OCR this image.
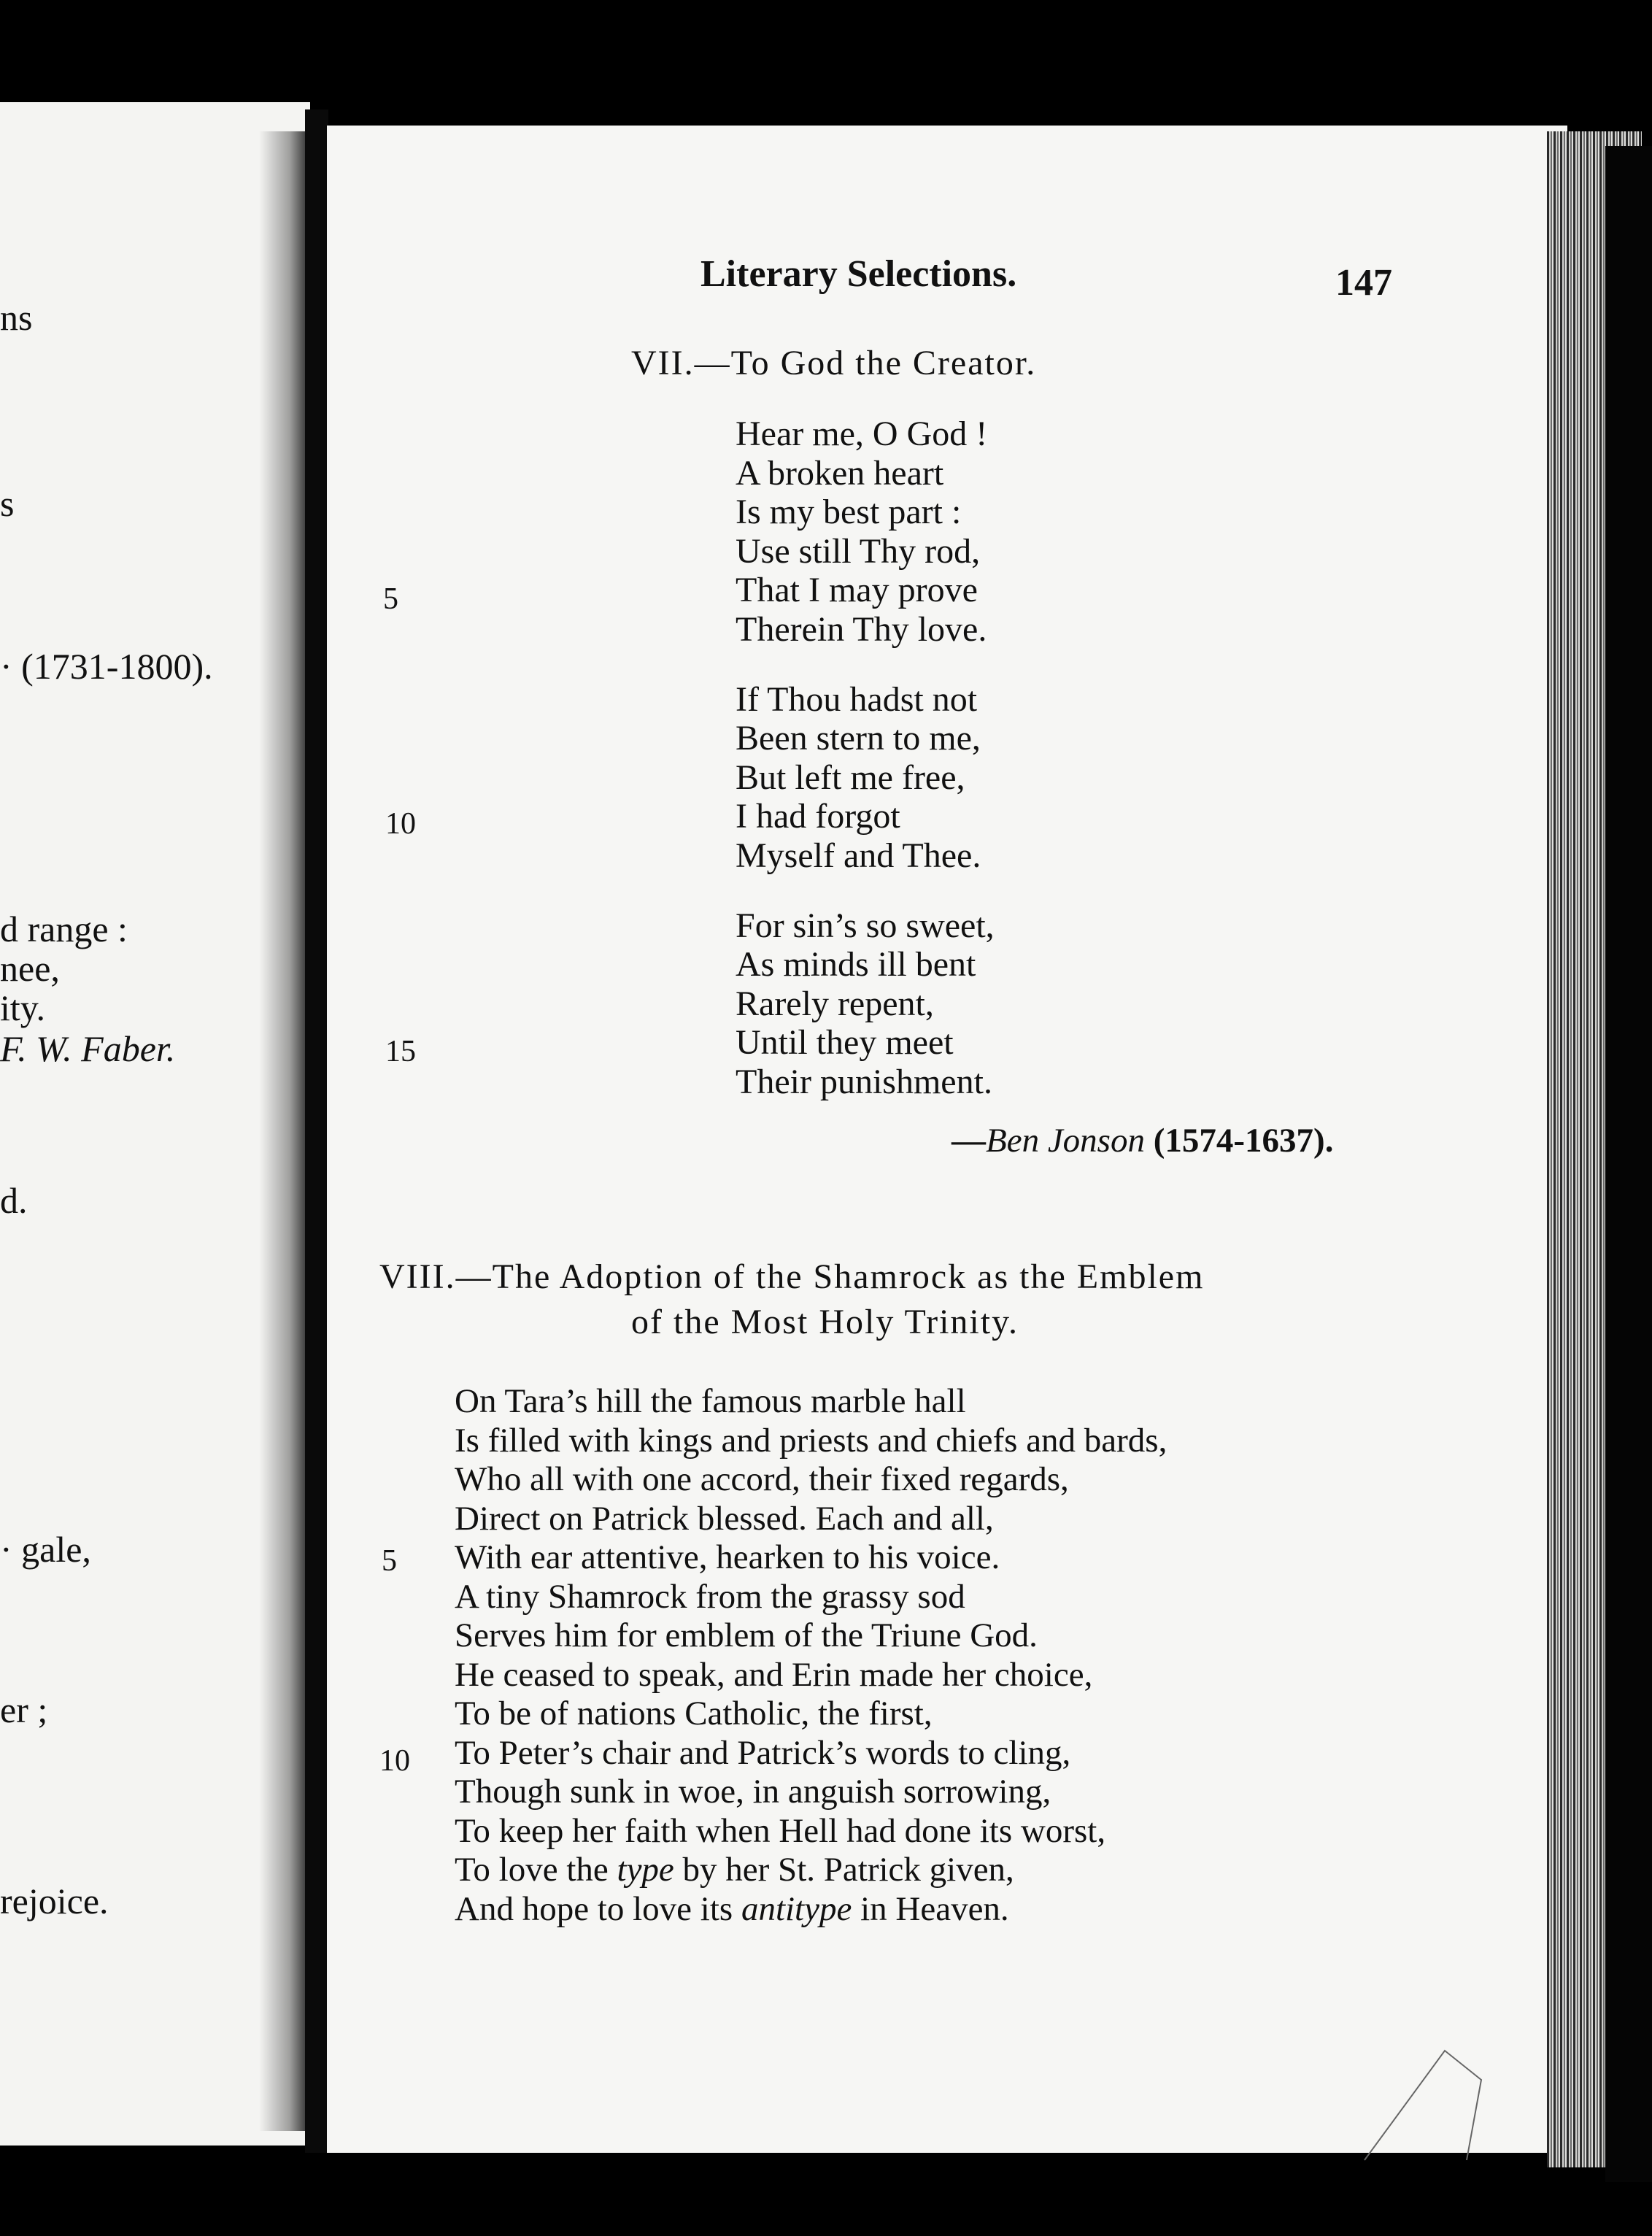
ns
s
· (1731-1800).
d range :
nee,
ity.
F. W. Faber.
d.
· gale,
er ;
rejoice.
Literary Selections.	147
VII.—To God the Creator.
Hear me, O God !
A broken heart
Is my best part :
Use still Thy rod,
That I may prove
Therein Thy love.
If Thou hadst not
Been stern to me,
But left me free,
I had forgot
Myself and Thee.
For sin’s so sweet,
As minds ill bent
Rarely repent,
Until they meet
Their punishment.
5
10
15
—Ben Jonson (1574-1637).
VIII.—The Adoption of the Shamrock as the Emblem
of the Most Holy Trinity.
On Tara’s hill the famous marble hall
Is filled with kings and priests and chiefs and bards,
Who all with one accord, their fixed regards,
Direct on Patrick blessed. Each and all,
With ear attentive, hearken to his voice.
A tiny Shamrock from the grassy sod
Serves him for emblem of the Triune God.
He ceased to speak, and Erin made her choice,
To be of nations Catholic, the first,
To Peter’s chair and Patrick’s words to cling,
Though sunk in woe, in anguish sorrowing,
To keep her faith when Hell had done its worst,
To love the type by her St. Patrick given,
And hope to love its antitype in Heaven.
5
10
